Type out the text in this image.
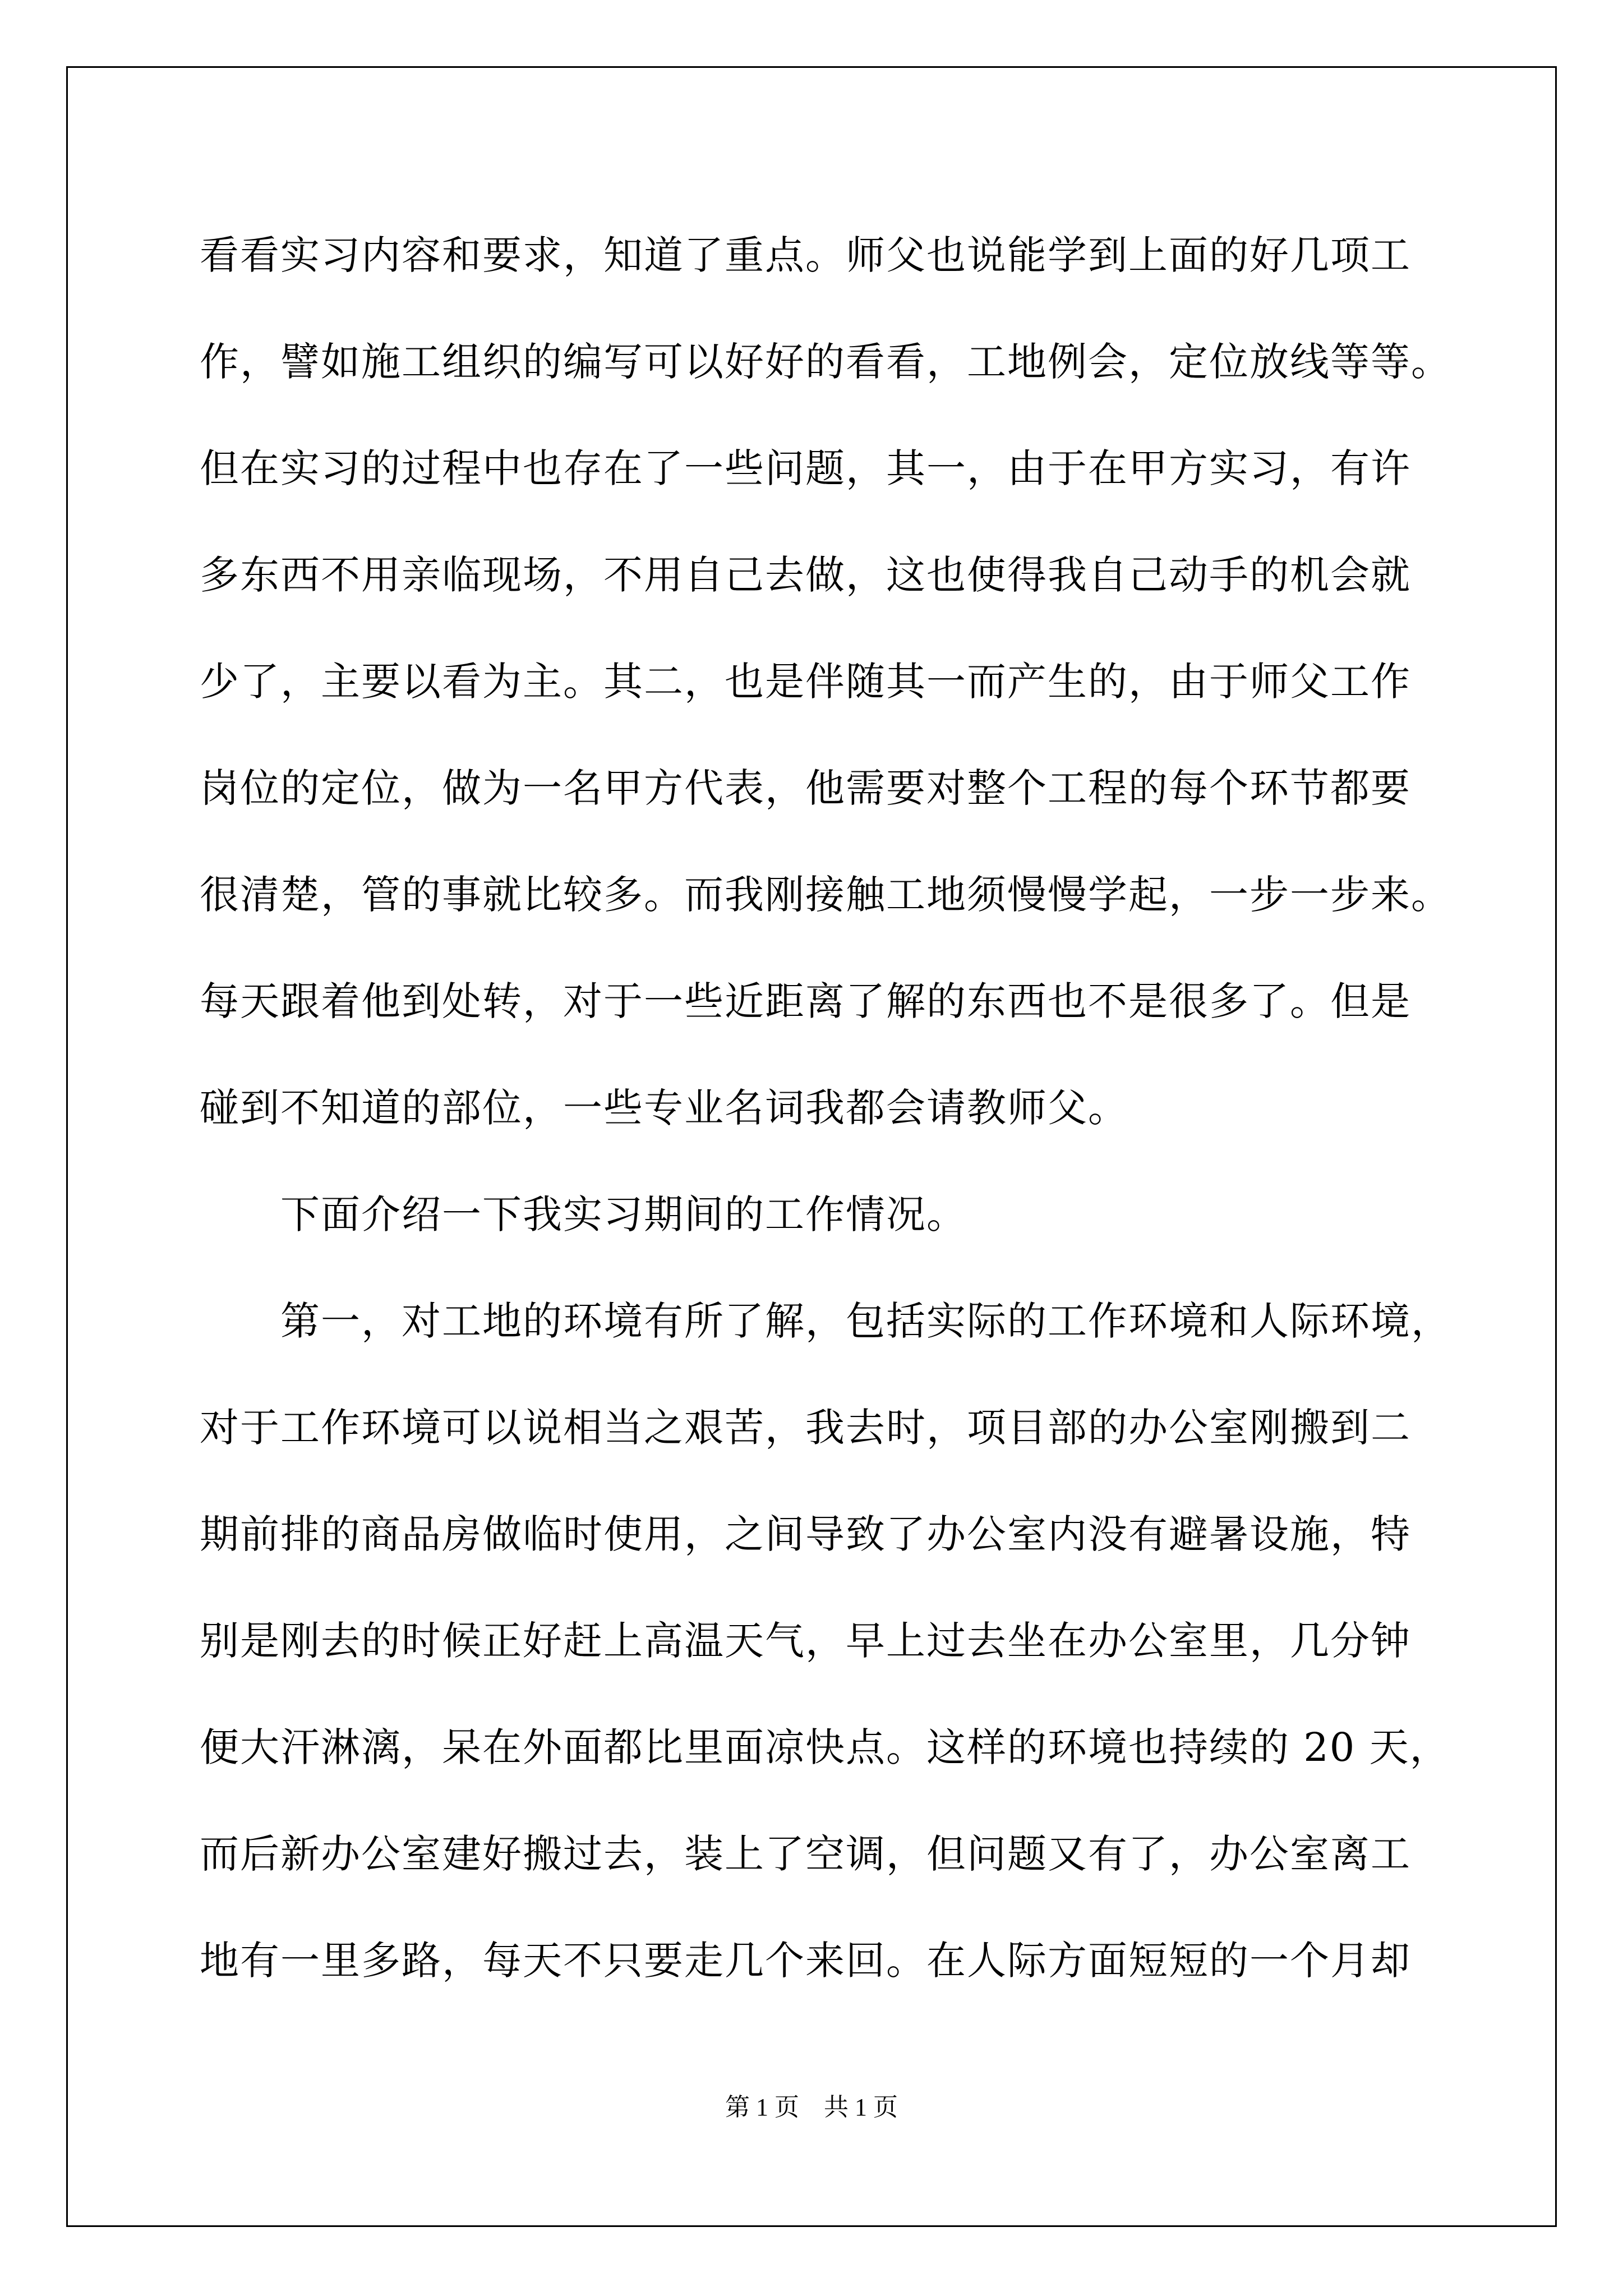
看看实习内容和要求，知道了重点。师父也说能学到上面的好几项工
作，譬如施工组织的编写可以好好的看看，工地例会，定位放线等等。
但在实习的过程中也存在了一些问题，其一，由于在甲方实习，有许
多东西不用亲临现场，不用自己去做，这也使得我自己动手的机会就
少了，主要以看为主。其二，也是伴随其一而产生的，由于师父工作
岗位的定位，做为一名甲方代表，他需要对整个工程的每个环节都要
很清楚，管的事就比较多。而我刚接触工地须慢慢学起，一步一步来。
每天跟着他到处转，对于一些近距离了解的东西也不是很多了。但是
碰到不知道的部位，一些专业名词我都会请教师父。
　　下面介绍一下我实习期间的工作情况。
　　第一，对工地的环境有所了解，包括实际的工作环境和人际环境，
对于工作环境可以说相当之艰苦，我去时，项目部的办公室刚搬到二
期前排的商品房做临时使用，之间导致了办公室内没有避暑设施，特
别是刚去的时候正好赶上高温天气，早上过去坐在办公室里，几分钟
便大汗淋漓，呆在外面都比里面凉快点。这样的环境也持续的 20 天，
而后新办公室建好搬过去，装上了空调，但问题又有了，办公室离工
地有一里多路，每天不只要走几个来回。在人际方面短短的一个月却
第 1 页 共 1 页
